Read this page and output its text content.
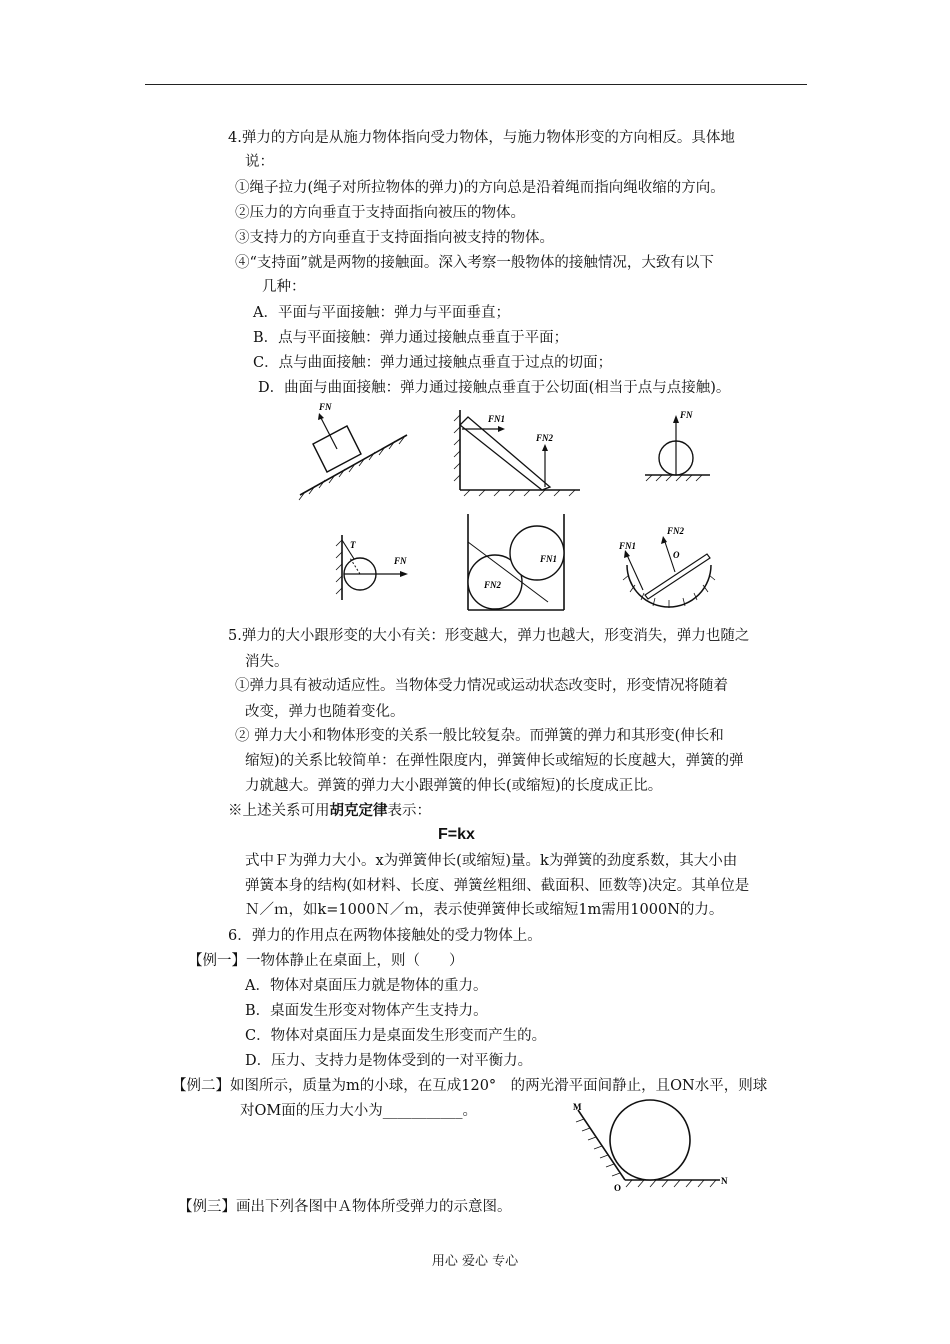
4.弹力的方向是从施力物体指向受力物体，与施力物体形变的方向相反。具体地
说：
①绳子拉力(绳子对所拉物体的弹力)的方向总是沿着绳而指向绳收缩的方向。
②压力的方向垂直于支持面指向被压的物体。
③支持力的方向垂直于支持面指向被支持的物体。
④“支持面”就是两物的接触面。深入考察一般物体的接触情况，大致有以下
几种：
A．平面与平面接触：弹力与平面垂直；
B．点与平面接触：弹力通过接触点垂直于平面；
C．点与曲面接触：弹力通过接触点垂直于过点的切面；
D．曲面与曲面接触：弹力通过接触点垂直于公切面(相当于点与点接触)。
FN
FN1
FN2
FN
T
FN	FN1
FN2
FN1
FN2
O
5.弹力的大小跟形变的大小有关：形变越大，弹力也越大，形变消失，弹力也随之
消失。
①弹力具有被动适应性。当物体受力情况或运动状态改变时，形变情况将随着
改变，弹力也随着变化。
② 弹力大小和物体形变的关系一般比较复杂。而弹簧的弹力和其形变(伸长和
缩短)的关系比较简单：在弹性限度内，弹簧伸长或缩短的长度越大，弹簧的弹
力就越大。弹簧的弹力大小跟弹簧的伸长(或缩短)的长度成正比。
※上述关系可用胡克定律表示：
F=kx
式中Ｆ为弹力大小。x为弹簧伸长(或缩短)量。k为弹簧的劲度系数，其大小由
弹簧本身的结构(如材料、长度、弹簧丝粗细、截面积、匝数等)决定。其单位是
Ｎ／ｍ，如k=1000Ｎ／ｍ，表示使弹簧伸长或缩短1m需用1000N的力。
6．弹力的作用点在两物体接触处的受力物体上。
【例一】一物体静止在桌面上，则（　　）
A．物体对桌面压力就是物体的重力。
B．桌面发生形变对物体产生支持力。
C．物体对桌面压力是桌面发生形变而产生的。
D．压力、支持力是物体受到的一对平衡力。
【例二】如图所示，质量为m的小球，在互成120°　的两光滑平面间静止，且ON水平，则球
对OM面的压力大小为___________。	M
O
N
【例三】画出下列各图中Ａ物体所受弹力的示意图。
用心 爱心 专心
